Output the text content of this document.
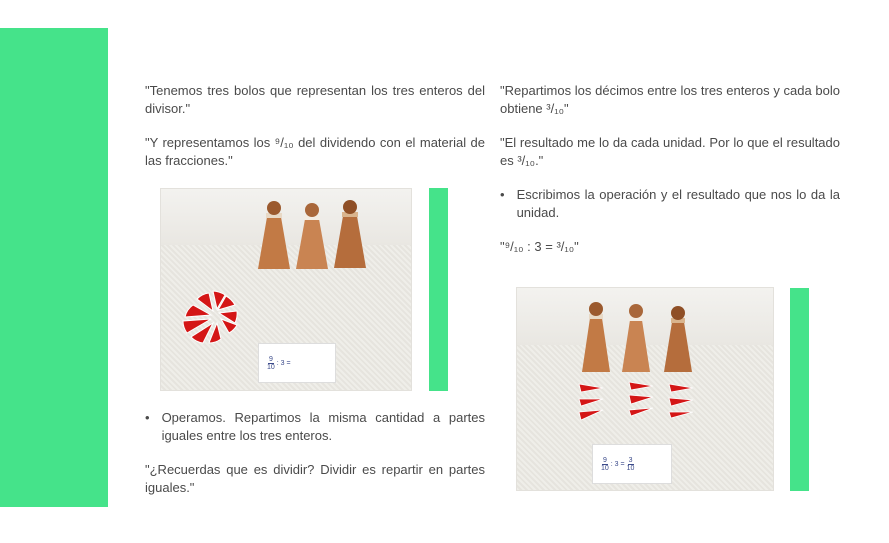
"Tenemos tres bolos que representan los tres enteros del divisor."
"Y representamos los ⁹/₁₀ del dividendo con el material de las fracciones."
9
10
: 3 =
• Operamos. Repartimos la misma cantidad a partes iguales entre los tres enteros.
"¿Recuerdas que es dividir? Dividir es repartir en partes iguales."
"Repartimos los décimos entre los tres enteros y cada bolo obtiene ³/₁₀"
"El resultado me lo da cada unidad. Por lo que el resultado es ³/₁₀."
• Escribimos la operación y el resultado que nos lo da la unidad.
"⁹/₁₀ : 3 = ³/₁₀"
9
10
: 3 =
3
10
